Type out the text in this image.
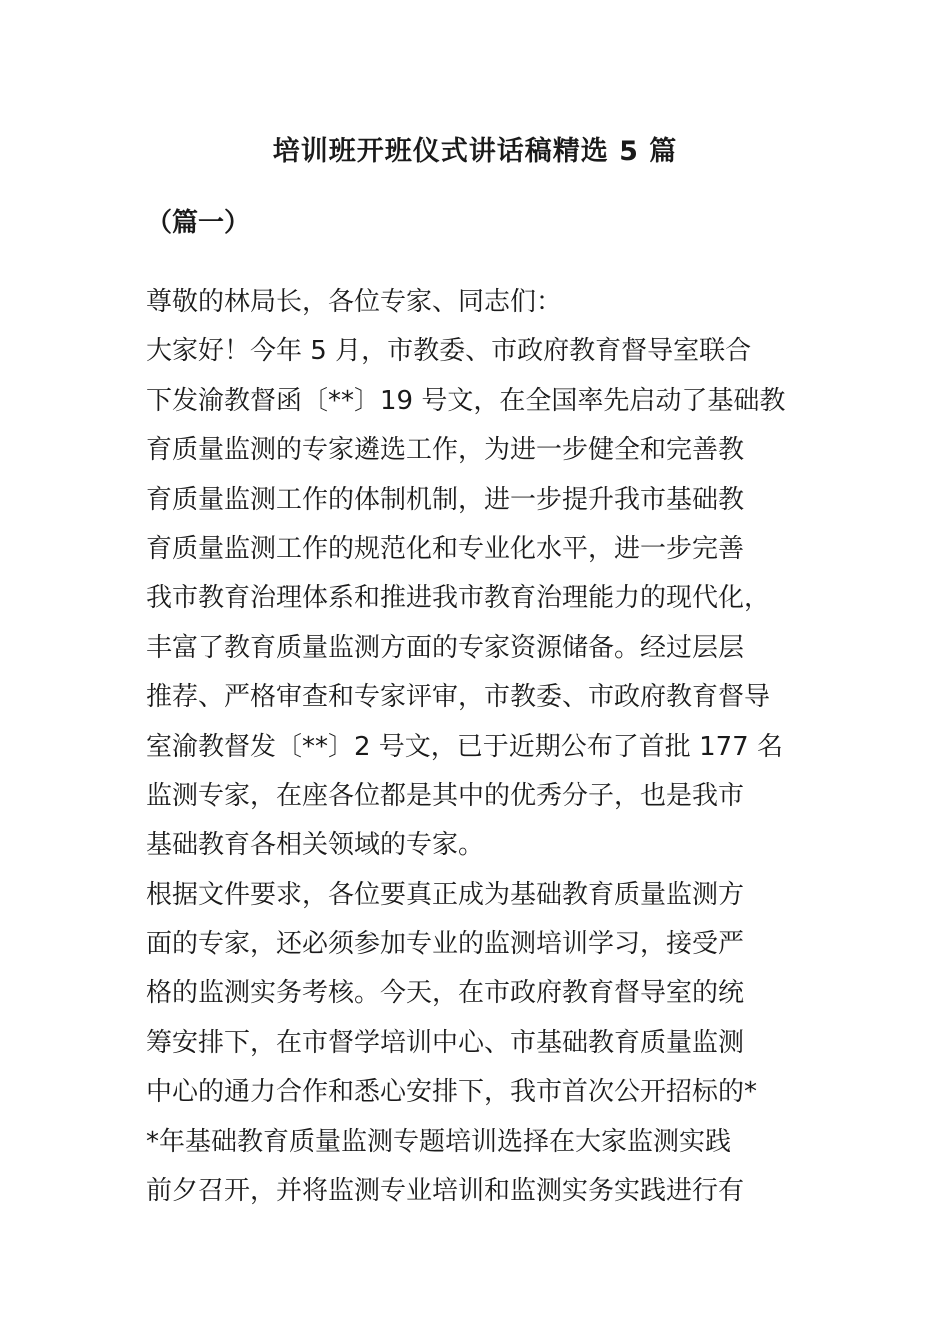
培训班开班仪式讲话稿精选 5 篇
（篇一）
尊敬的林局长，各位专家、同志们：
大家好！今年 5 月，市教委、市政府教育督导室联合
下发渝教督函〔**〕19 号文，在全国率先启动了基础教
育质量监测的专家遴选工作，为进一步健全和完善教
育质量监测工作的体制机制，进一步提升我市基础教
育质量监测工作的规范化和专业化水平，进一步完善
我市教育治理体系和推进我市教育治理能力的现代化，
丰富了教育质量监测方面的专家资源储备。经过层层
推荐、严格审查和专家评审，市教委、市政府教育督导
室渝教督发〔**〕2 号文，已于近期公布了首批 177 名
监测专家，在座各位都是其中的优秀分子，也是我市
基础教育各相关领域的专家。
根据文件要求，各位要真正成为基础教育质量监测方
面的专家，还必须参加专业的监测培训学习，接受严
格的监测实务考核。今天，在市政府教育督导室的统
筹安排下，在市督学培训中心、市基础教育质量监测
中心的通力合作和悉心安排下，我市首次公开招标的*
*年基础教育质量监测专题培训选择在大家监测实践
前夕召开，并将监测专业培训和监测实务实践进行有
